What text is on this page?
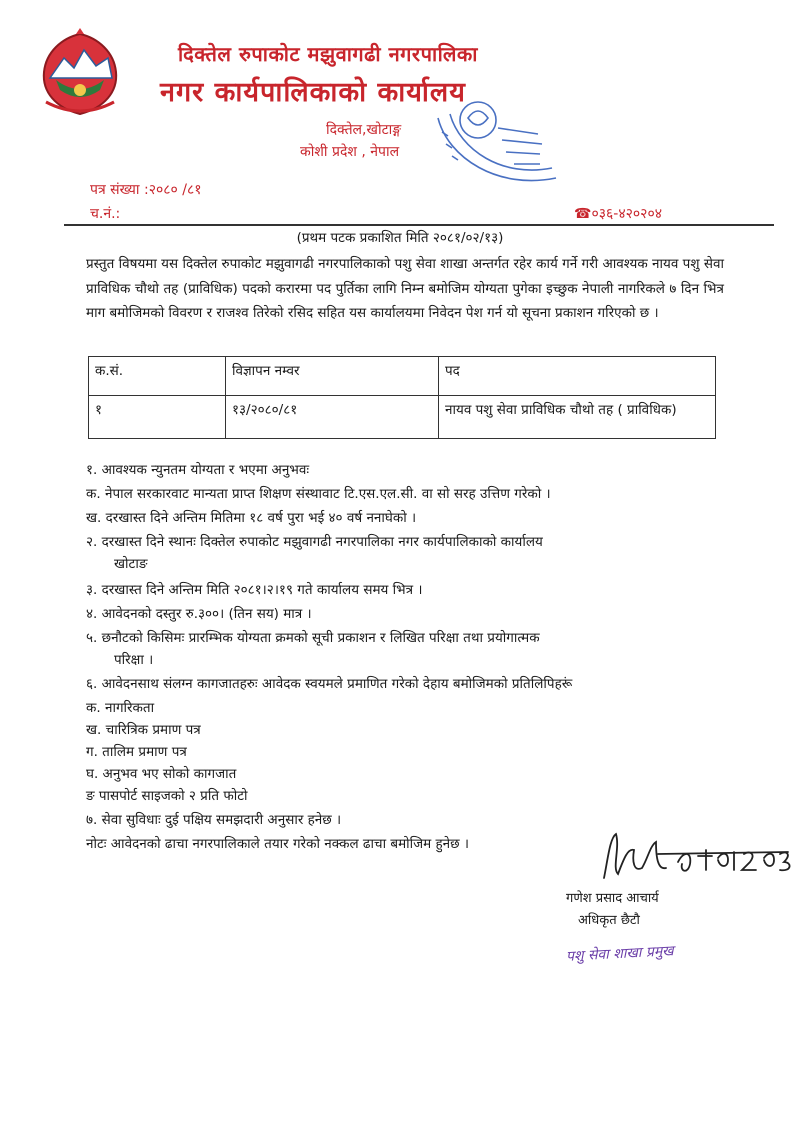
दिक्तेल रुपाकोट मझुवागढी नगरपालिका
नगर कार्यपालिकाको कार्यालय
दिक्तेल,खोटाङ्ग
कोशी प्रदेश , नेपाल
पत्र संख्या :२०८० /८१
च.नं.:	☎०३६-४२०२०४
(प्रथम पटक प्रकाशित मिति २०८१/०२/१३)
प्रस्तुत विषयमा यस दिक्तेल रुपाकोट मझुवागढी नगरपालिकाको पशु सेवा शाखा अन्तर्गत रहेर कार्य गर्ने गरी आवश्यक नायव पशु सेवा प्राविधिक चौथो तह (प्राविधिक) पदको करारमा पद पुर्तिका लागि निम्न बमोजिम योग्यता पुगेका इच्छुक नेपाली नागरिकले ७ दिन भित्र माग बमोजिमको विवरण र राजश्व तिरेको रसिद सहित यस कार्यालयमा निवेदन पेश गर्न यो सूचना प्रकाशन गरिएको छ ।
क.सं.	विज्ञापन नम्वर	पद
१	१३/२०८०/८१	नायव पशु सेवा प्राविधिक चौथो तह ( प्राविधिक)
१. आवश्यक न्युनतम योग्यता र भएमा अनुभवः
क. नेपाल सरकारवाट मान्यता प्राप्त शिक्षण संस्थावाट टि.एस.एल.सी. वा सो सरह उत्तिण गरेको ।
ख. दरखास्त दिने अन्तिम मितिमा १८ वर्ष पुरा भई ४० वर्ष ननाघेको ।
२. दरखास्त दिने स्थानः दिक्तेल रुपाकोट मझुवागढी नगरपालिका नगर कार्यपालिकाको कार्यालय
खोटाङ
३. दरखास्त दिने अन्तिम मिति २०८१।२।१९ गते कार्यालय समय भित्र ।
४. आवेदनको दस्तुर रु.३००। (तिन सय) मात्र ।
५. छनौटको किसिमः प्रारम्भिक योग्यता क्रमको सूची प्रकाशन र लिखित परिक्षा तथा प्रयोगात्मक
परिक्षा ।
६. आवेदनसाथ संलग्न कागजातहरुः आवेदक स्वयमले प्रमाणित गरेको देहाय बमोजिमको प्रतिलिपिहरूं
क. नागरिकता
ख. चारित्रिक प्रमाण पत्र
ग. तालिम प्रमाण पत्र
घ. अनुभव भए सोको कागजात
ङ पासपोर्ट साइजको २ प्रति फोटो
७. सेवा सुविधाः दुई पक्षिय समझदारी अनुसार हनेछ ।
नोटः आवेदनको ढाचा नगरपालिकाले तयार गरेको नक्कल ढाचा बमोजिम हुनेछ ।
गणेश प्रसाद आचार्य
अधिकृत छैटौ
पशु सेवा शाखा प्रमुख
